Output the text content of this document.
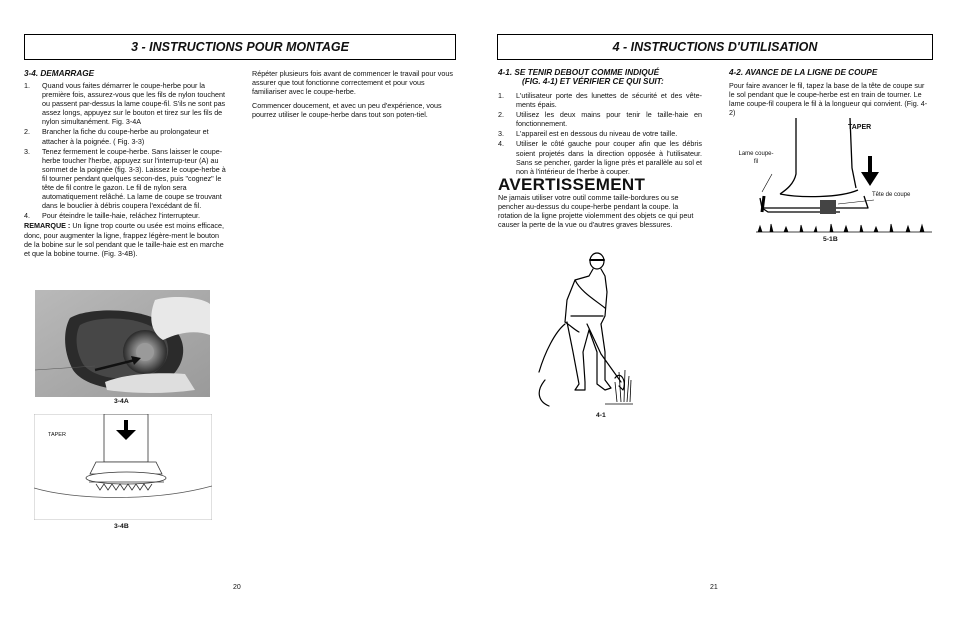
3 - INSTRUCTIONS POUR MONTAGE
3-4. DEMARRAGE
1.	Quand vous faites démarrer le coupe-herbe pour la première fois, assurez-vous que les fils de nylon touchent ou passent par-dessus la lame coupe-fil. S'ils ne sont pas assez longs, appuyez sur le bouton et tirez sur les fils de nylon simultanément. Fig. 3-4A
2.	Brancher la fiche du coupe-herbe au prolongateur et attacher à la poignée. ( Fig. 3-3)
3.	Tenez fermement le coupe-herbe. Sans laisser le coupe-herbe toucher l'herbe, appuyez sur l'interrup-teur (A) au sommet de la poignée (fig. 3-3). Laissez le coupe-herbe à fil tourner pendant quelques secon-des, puis "cognez" le tête de fil contre le gazon. Le fil de nylon sera automatiquement relâché. La lame de coupe se trouvant dans le bouclier à débris coupera l'excédant de fil.
4.	Pour éteindre le taille-haie, reláchez l'interrupteur.

REMARQUE : Un ligne trop courte ou usée est moins efficace, donc, pour augmenter la ligne, frappez légère-ment le bouton de la bobine sur le sol pendant que le taille-haie est en marche et que la bobine tourne. (Fig. 3-4B).

Répéter plusieurs fois avant de commencer le travail pour vous assurer que tout fonctionne correctement et pour vous familiariser avec le coupe-herbe.

Commencer doucement, et avec un peu d'expérience, vous pourrez utiliser le coupe-herbe dans tout son poten-tiel.

3-4A
TAPER
3-4B
20
4 - INSTRUCTIONS D'UTILISATION
4-1. SE TENIR DEBOUT COMME INDIQUÉ
(FIG. 4-1) ET VÉRIFIER CE QUI SUIT:
1.	L'utilisateur porte des lunettes de sécurité et des vête-ments épais.
2.	Utilisez les deux mains pour tenir le taille-haie en fonctionnement.
3.	L'appareil est en dessous du niveau de votre taille.
4.	Utiliser le côté gauche pour couper afin que les débris soient projetés dans la direction opposée à l'utilisateur. Sans se pencher, garder la ligne près et parallèle au sol et non à l'intérieur de l'herbe à couper.
AVERTISSEMENT
Ne jamais utiliser votre outil comme taille-bordures ou se pencher au-dessus du coupe-herbe pendant la coupe. la rotation de la ligne projette violemment des objets ce qui peut causer la perte de la vue ou d'autres graves blessures.
4-1
4-2. AVANCE DE LA LIGNE DE COUPE
Pour faire avancer le fil, tapez la base de la tête de coupe sur le sol pendant que le coupe-herbe est en train de tourner. Le lame coupe-fil coupera le fil à la longueur qui convient. (Fig. 4-2)
TAPER
Lame coupe-fil
Tête de coupe
5-1B
21
